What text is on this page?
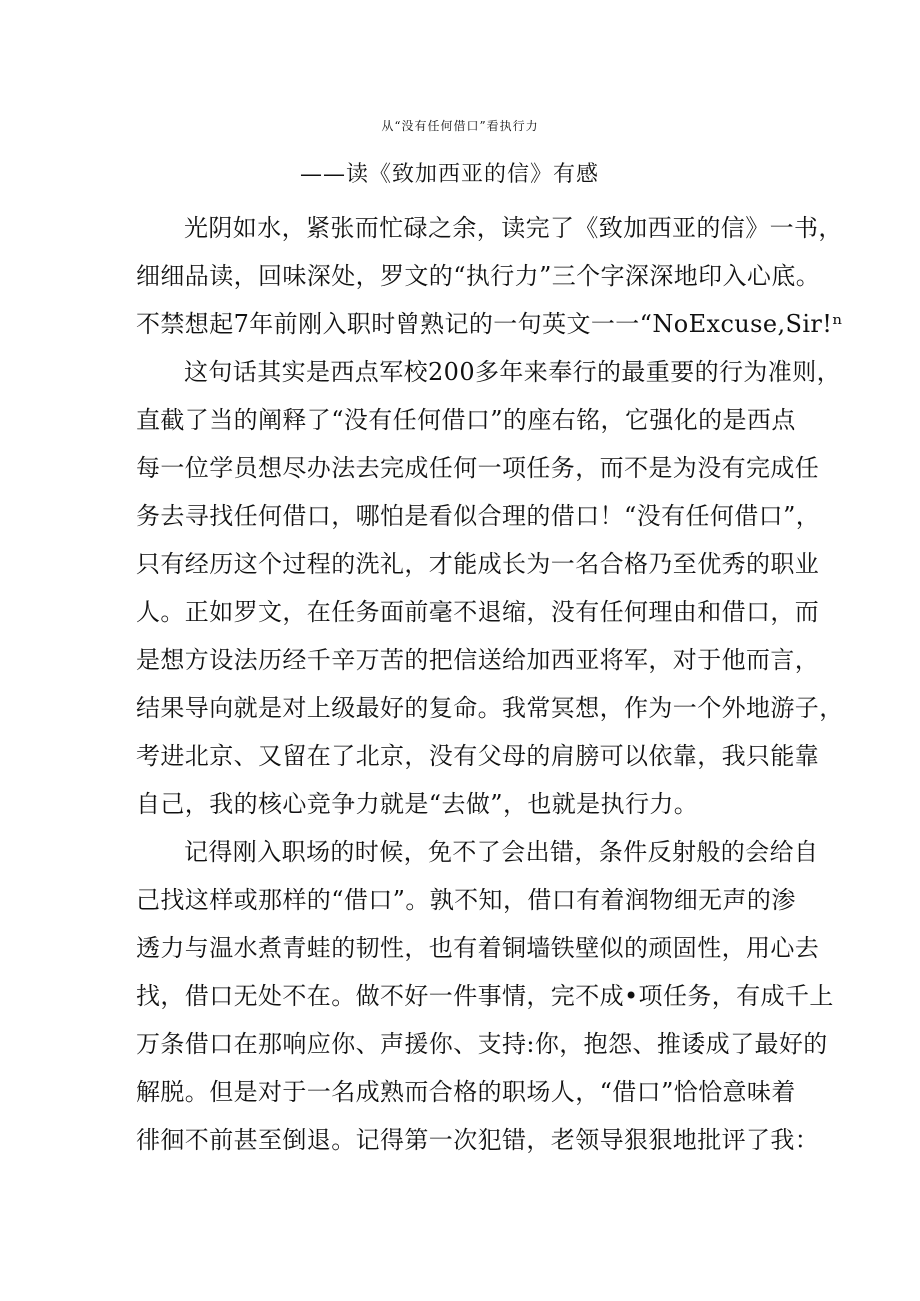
从“没有任何借口”看执行力
——读《致加西亚的信》有感
光阴如水，紧张而忙碌之余，读完了《致加西亚的信》一书，
细细品读，回味深处，罗文的“执行力”三个字深深地印入心底。
不禁想起7年前刚入职时曾熟记的一句英文一一“NoExcuse,Sir!ⁿ
这句话其实是西点军校200多年来奉行的最重要的行为准则，
直截了当的阐释了“没有任何借口”的座右铭，它强化的是西点
每一位学员想尽办法去完成任何一项任务，而不是为没有完成任
务去寻找任何借口，哪怕是看似合理的借口！“没有任何借口”，
只有经历这个过程的洗礼，才能成长为一名合格乃至优秀的职业
人。正如罗文，在任务面前毫不退缩，没有任何理由和借口，而
是想方设法历经千辛万苦的把信送给加西亚将军，对于他而言，
结果导向就是对上级最好的复命。我常冥想，作为一个外地游子，
考进北京、又留在了北京，没有父母的肩膀可以依靠，我只能靠
自己，我的核心竞争力就是“去做”，也就是执行力。
记得刚入职场的时候，免不了会出错，条件反射般的会给自
己找这样或那样的“借口”。孰不知，借口有着润物细无声的渗
透力与温水煮青蛙的韧性，也有着铜墙铁壁似的顽固性，用心去
找，借口无处不在。做不好一件事情，完不成•项任务，有成千上
万条借口在那响应你、声援你、支持:你，抱怨、推诿成了最好的
解脱。但是对于一名成熟而合格的职场人，“借口”恰恰意味着
徘徊不前甚至倒退。记得第一次犯错，老领导狠狠地批评了我：
